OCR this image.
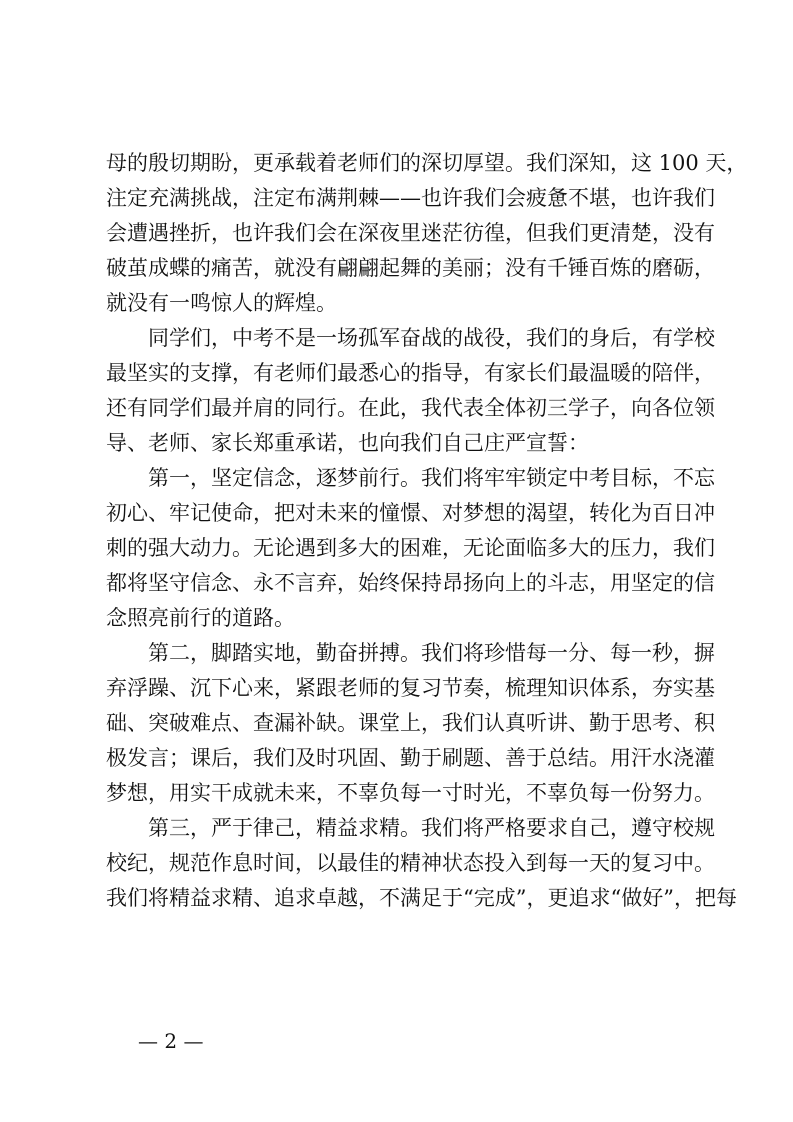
母的殷切期盼，更承载着老师们的深切厚望。我们深知，这 100 天，
注定充满挑战，注定布满荆棘——也许我们会疲惫不堪，也许我们
会遭遇挫折，也许我们会在深夜里迷茫彷徨，但我们更清楚，没有
破茧成蝶的痛苦，就没有翩翩起舞的美丽；没有千锤百炼的磨砺，
就没有一鸣惊人的辉煌。
同学们，中考不是一场孤军奋战的战役，我们的身后，有学校
最坚实的支撑，有老师们最悉心的指导，有家长们最温暖的陪伴，
还有同学们最并肩的同行。在此，我代表全体初三学子，向各位领
导、老师、家长郑重承诺，也向我们自己庄严宣誓：
第一，坚定信念，逐梦前行。我们将牢牢锁定中考目标，不忘
初心、牢记使命，把对未来的憧憬、对梦想的渴望，转化为百日冲
刺的强大动力。无论遇到多大的困难，无论面临多大的压力，我们
都将坚守信念、永不言弃，始终保持昂扬向上的斗志，用坚定的信
念照亮前行的道路。
第二，脚踏实地，勤奋拼搏。我们将珍惜每一分、每一秒，摒
弃浮躁、沉下心来，紧跟老师的复习节奏，梳理知识体系，夯实基
础、突破难点、查漏补缺。课堂上，我们认真听讲、勤于思考、积
极发言；课后，我们及时巩固、勤于刷题、善于总结。用汗水浇灌
梦想，用实干成就未来，不辜负每一寸时光，不辜负每一份努力。
第三，严于律己，精益求精。我们将严格要求自己，遵守校规
校纪，规范作息时间，以最佳的精神状态投入到每一天的复习中。
我们将精益求精、追求卓越，不满足于“完成”，更追求“做好”，把每
— 2 —
